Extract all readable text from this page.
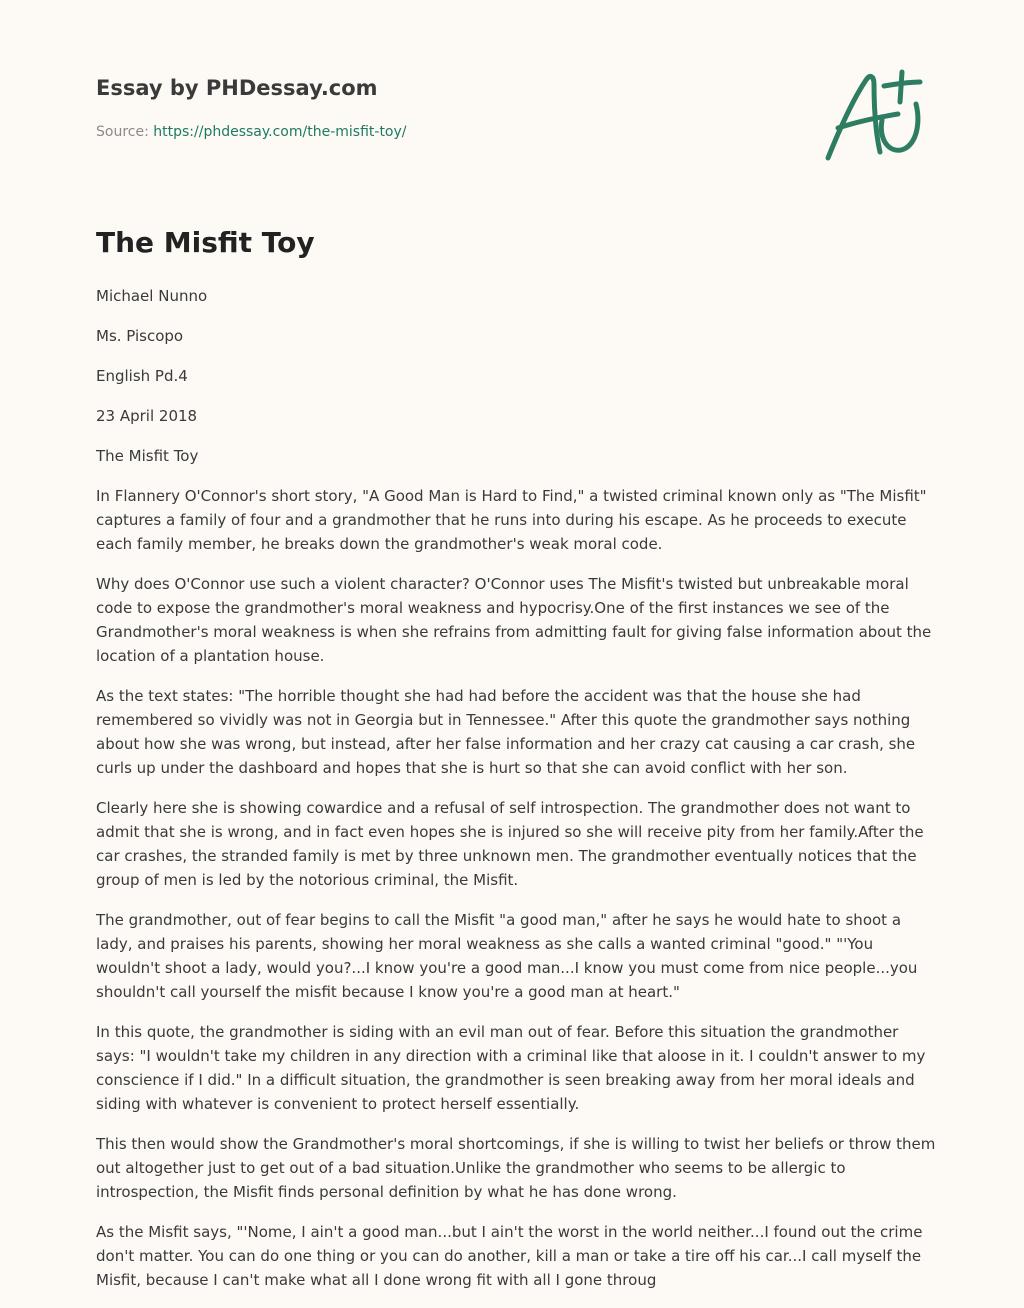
Essay by PHDessay.com
Source: https://phdessay.com/the-misfit-toy/
The Misfit Toy

Michael Nunno

Ms. Piscopo

English Pd.4

23 April 2018

The Misfit Toy

In Flannery O'Connor's short story, "A Good Man is Hard to Find," a twisted criminal known only as "The Misfit" captures a family of four and a grandmother that he runs into during his escape. As he proceeds to execute each family member, he breaks down the grandmother's weak moral code.

Why does O'Connor use such a violent character? O'Connor uses The Misfit's twisted but unbreakable moral code to expose the grandmother's moral weakness and hypocrisy.One of the first instances we see of the Grandmother's moral weakness is when she refrains from admitting fault for giving false information about the location of a plantation house.

As the text states: "The horrible thought she had had before the accident was that the house she had remembered so vividly was not in Georgia but in Tennessee." After this quote the grandmother says nothing about how she was wrong, but instead, after her false information and her crazy cat causing a car crash, she curls up under the dashboard and hopes that she is hurt so that she can avoid conflict with her son.

Clearly here she is showing cowardice and a refusal of self introspection. The grandmother does not want to admit that she is wrong, and in fact even hopes she is injured so she will receive pity from her family.After the car crashes, the stranded family is met by three unknown men. The grandmother eventually notices that the group of men is led by the notorious criminal, the Misfit.

The grandmother, out of fear begins to call the Misfit "a good man," after he says he would hate to shoot a lady, and praises his parents, showing her moral weakness as she calls a wanted criminal "good." "'You wouldn't shoot a lady, would you?...I know you're a good man...I know you must come from nice people...you shouldn't call yourself the misfit because I know you're a good man at heart."

In this quote, the grandmother is siding with an evil man out of fear. Before this situation the grandmother says: "I wouldn't take my children in any direction with a criminal like that aloose in it. I couldn't answer to my conscience if I did." In a difficult situation, the grandmother is seen breaking away from her moral ideals and siding with whatever is convenient to protect herself essentially.

This then would show the Grandmother's moral shortcomings, if she is willing to twist her beliefs or throw them out altogether just to get out of a bad situation.Unlike the grandmother who seems to be allergic to introspection, the Misfit finds personal definition by what he has done wrong.

As the Misfit says, "'Nome, I ain't a good man...but I ain't the worst in the world neither...I found out the crime don't matter. You can do one thing or you can do another, kill a man or take a tire off his car...I call myself the Misfit, because I can't make what all I done wrong fit with all I gone throug
